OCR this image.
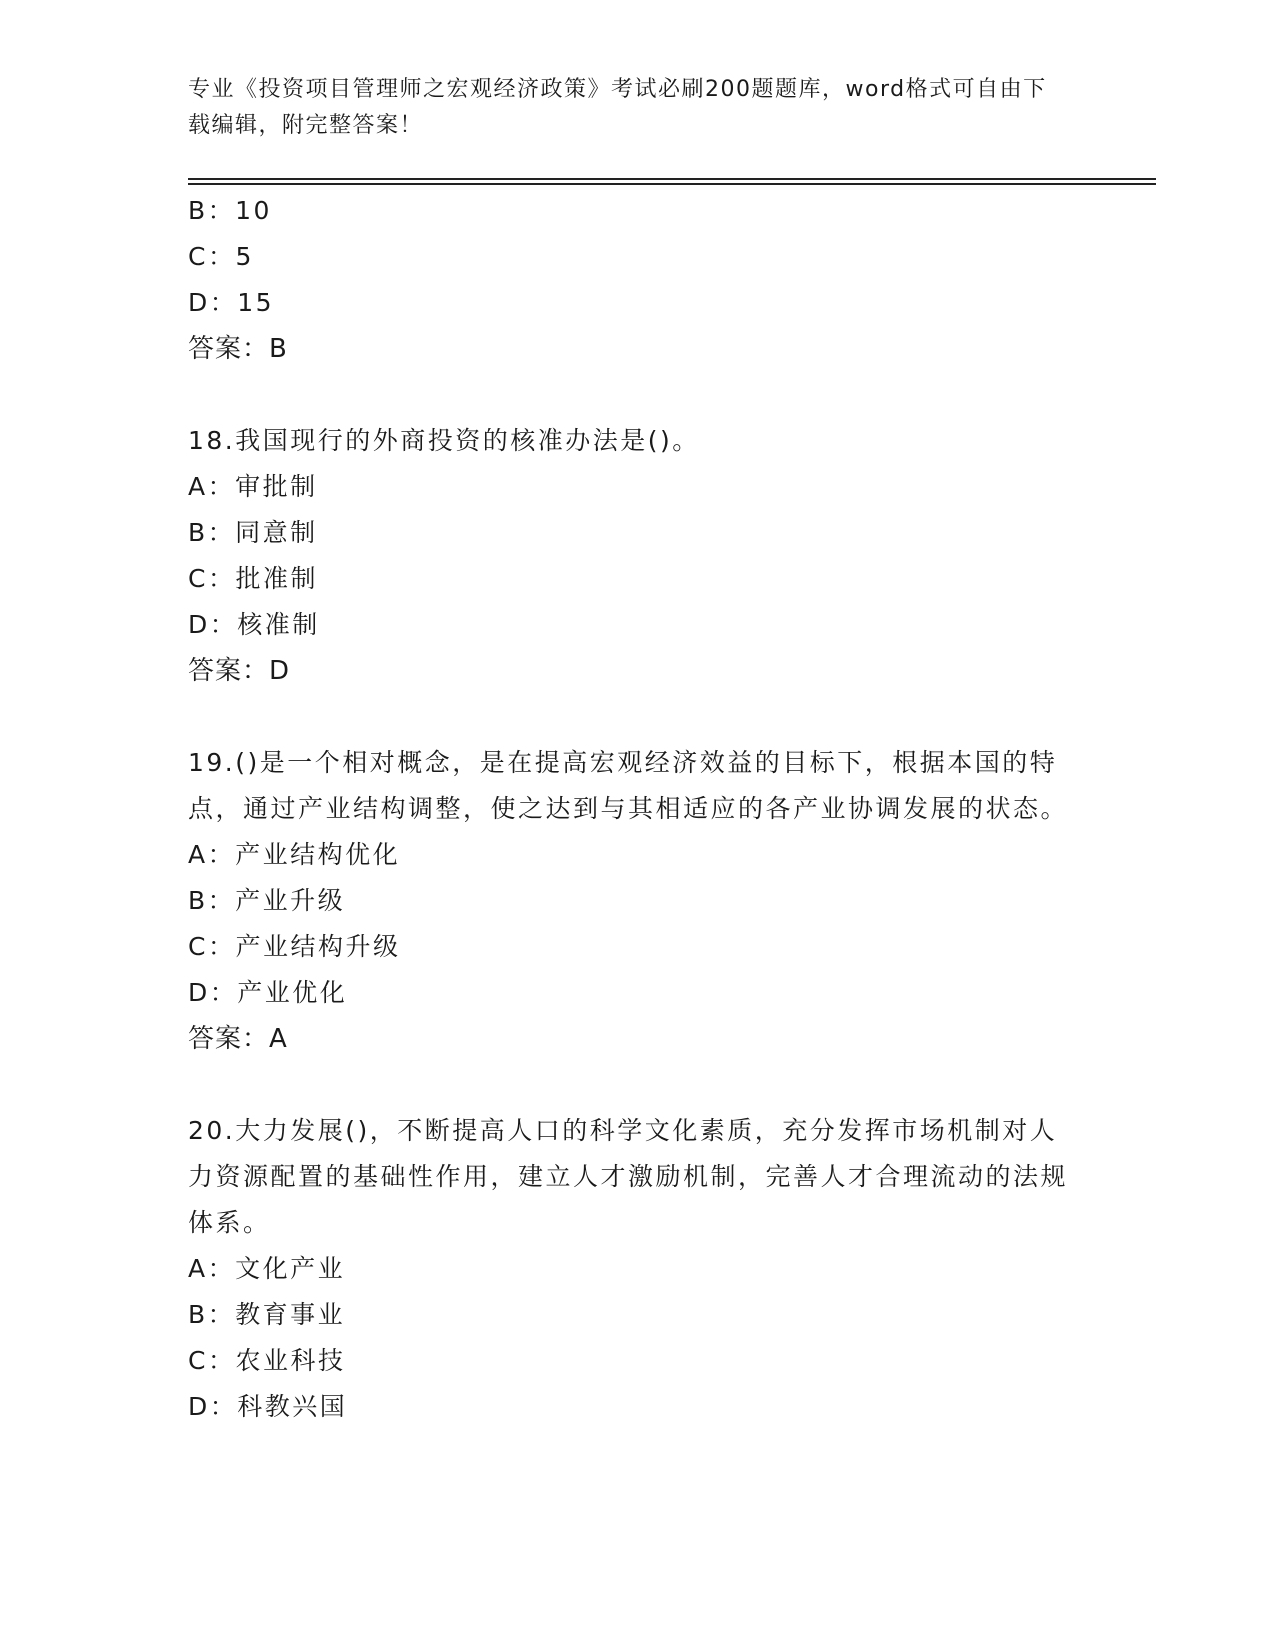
专业《投资项目管理师之宏观经济政策》考试必刷200题题库，word格式可自由下载编辑，附完整答案！
B：10
C：5
D：15
答案：B
18.我国现行的外商投资的核准办法是()。
A：审批制
B：同意制
C：批准制
D：核准制
答案：D
19.()是一个相对概念，是在提高宏观经济效益的目标下，根据本国的特点，通过产业结构调整，使之达到与其相适应的各产业协调发展的状态。
A：产业结构优化
B：产业升级
C：产业结构升级
D：产业优化
答案：A
20.大力发展()，不断提高人口的科学文化素质，充分发挥市场机制对人力资源配置的基础性作用，建立人才激励机制，完善人才合理流动的法规体系。
A：文化产业
B：教育事业
C：农业科技
D：科教兴国
